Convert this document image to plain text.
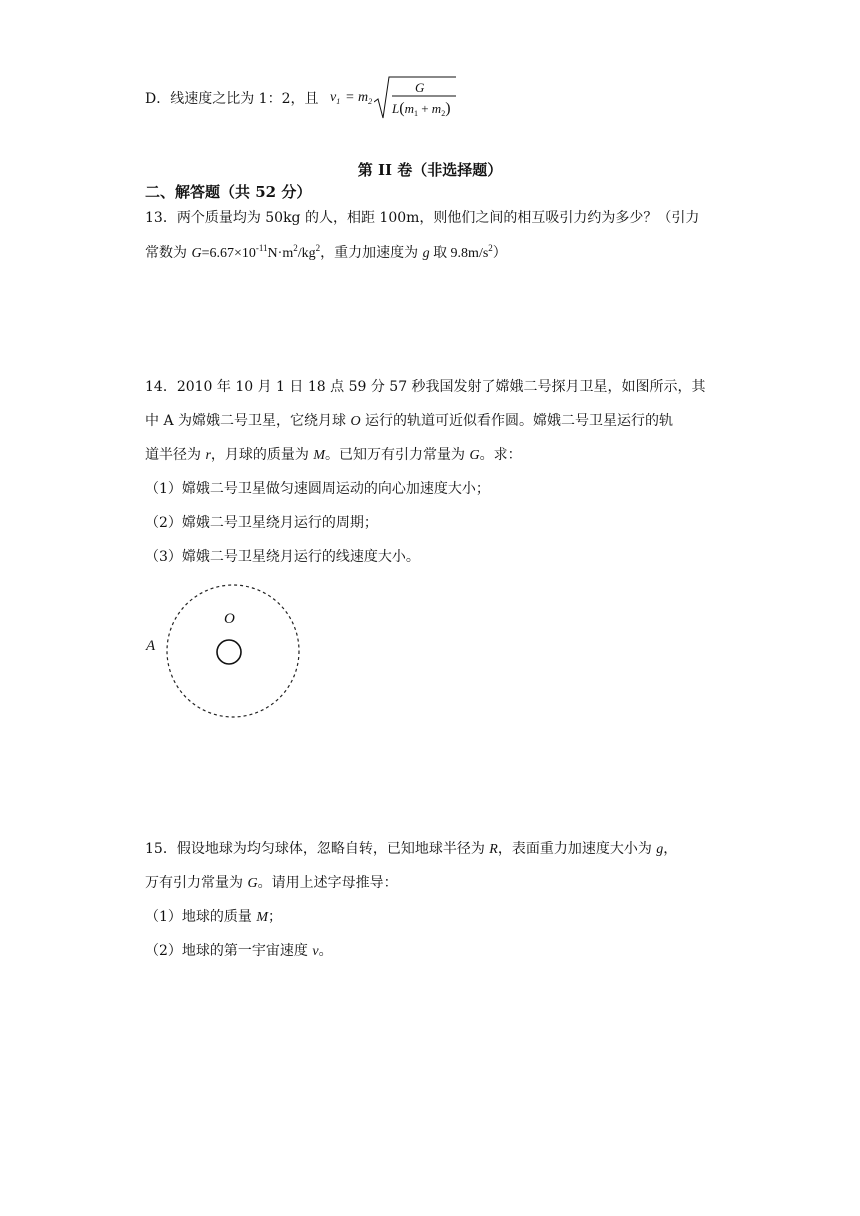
D．线速度之比为 1：2，且 $v_1 = m_2$
G
$L(m_1 + m_2)$
第 II 卷（非选择题）
二、解答题（共 52 分）
13．两个质量均为 50kg 的人，相距 100m，则他们之间的相互吸引力约为多少？（引力
常数为 $G=6.67\times 10^{-11}N\cdot m^2/kg^2$，重力加速度为 g 取 $9.8m/s^2$）
14．2010 年 10 月 1 日 18 点 59 分 57 秒我国发射了嫦娥二号探月卫星，如图所示，其
中 A 为嫦娥二号卫星，它绕月球 O 运行的轨道可近似看作圆。嫦娥二号卫星运行的轨
道半径为 r，月球的质量为 M。已知万有引力常量为 G。求：
（1）嫦娥二号卫星做匀速圆周运动的向心加速度大小；
（2）嫦娥二号卫星绕月运行的周期；
（3）嫦娥二号卫星绕月运行的线速度大小。
O
A
15．假设地球为均匀球体，忽略自转，已知地球半径为 R，表面重力加速度大小为 g，
万有引力常量为 G。请用上述字母推导：
（1）地球的质量 M；
（2）地球的第一宇宙速度 v。
